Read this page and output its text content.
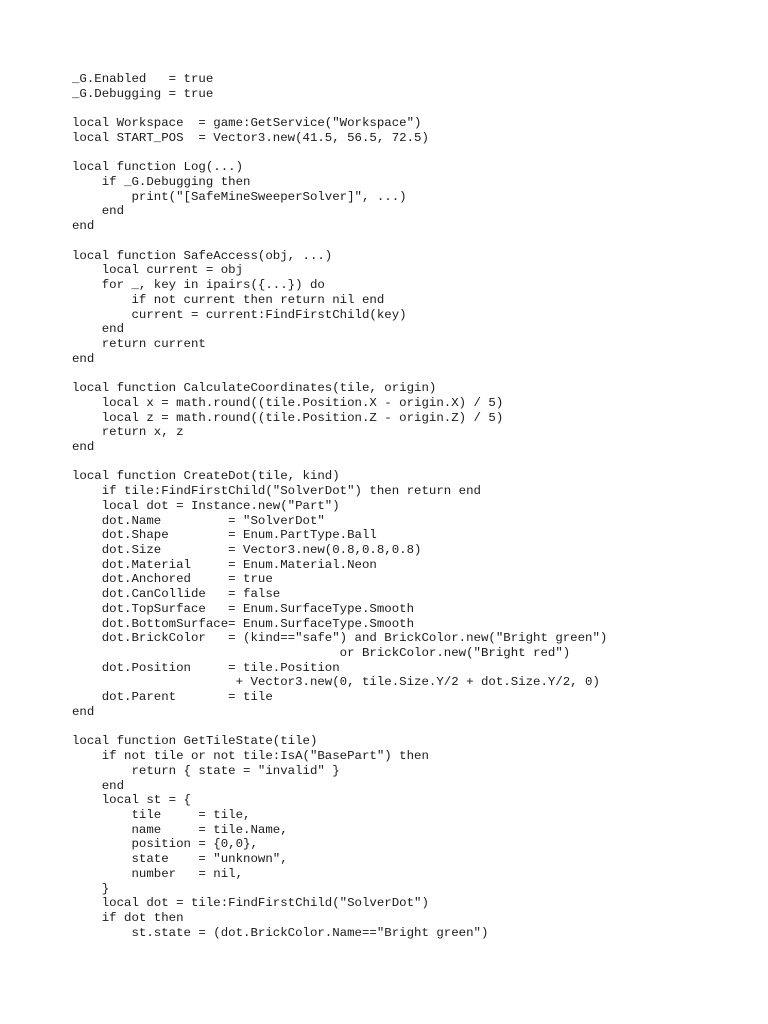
_G.Enabled   = true
_G.Debugging = true
local Workspace  = game:GetService("Workspace")
local START_POS  = Vector3.new(41.5, 56.5, 72.5)
local function Log(...)
if _G.Debugging then
print("[SafeMineSweeperSolver]", ...)
end
end
local function SafeAccess(obj, ...)
local current = obj
for _, key in ipairs({...}) do
if not current then return nil end
current = current:FindFirstChild(key)
end
return current
end
local function CalculateCoordinates(tile, origin)
local x = math.round((tile.Position.X - origin.X) / 5)
local z = math.round((tile.Position.Z - origin.Z) / 5)
return x, z
end
local function CreateDot(tile, kind)
if tile:FindFirstChild("SolverDot") then return end
local dot = Instance.new("Part")
dot.Name         = "SolverDot"
dot.Shape        = Enum.PartType.Ball
dot.Size         = Vector3.new(0.8,0.8,0.8)
dot.Material     = Enum.Material.Neon
dot.Anchored     = true
dot.CanCollide   = false
dot.TopSurface   = Enum.SurfaceType.Smooth
dot.BottomSurface= Enum.SurfaceType.Smooth
dot.BrickColor   = (kind=="safe") and BrickColor.new("Bright green")
or BrickColor.new("Bright red")
dot.Position     = tile.Position
+ Vector3.new(0, tile.Size.Y/2 + dot.Size.Y/2, 0)
dot.Parent       = tile
end
local function GetTileState(tile)
if not tile or not tile:IsA("BasePart") then
return { state = "invalid" }
end
local st = {
tile     = tile,
name     = tile.Name,
position = {0,0},
state    = "unknown",
number   = nil,
}
local dot = tile:FindFirstChild("SolverDot")
if dot then
st.state = (dot.BrickColor.Name=="Bright green")
